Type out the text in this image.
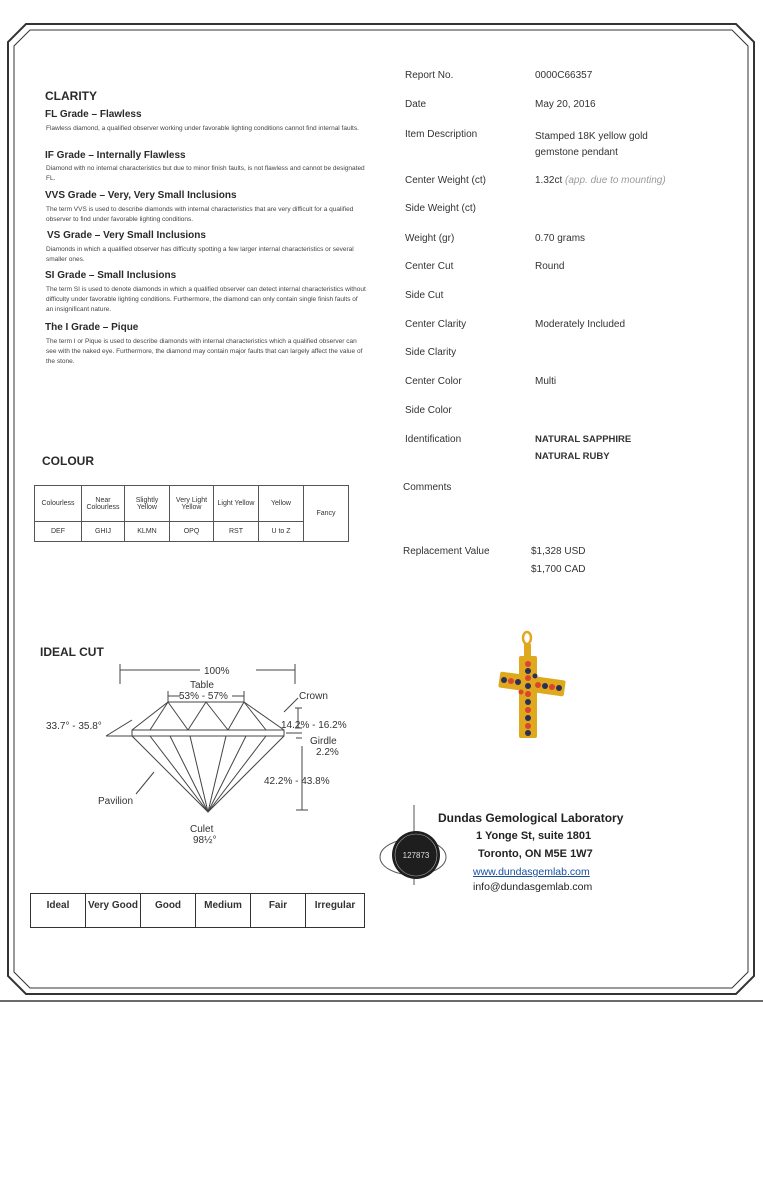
CLARITY
FL Grade – Flawless
Flawless diamond, a qualified observer working under favorable lighting conditions cannot find internal faults.
IF Grade – Internally Flawless
Diamond with no internal characteristics but due to minor finish faults, is not flawless and cannot be designated FL.
VVS Grade – Very, Very Small Inclusions
The term VVS is used to describe diamonds with internal characteristics that are very difficult for a qualified observer to find under favorable lighting conditions.
VS Grade – Very Small Inclusions
Diamonds in which a qualified observer has difficulty spotting a few larger internal characteristics or several smaller ones.
SI Grade – Small Inclusions
The term SI is used to denote diamonds in which a qualified observer can detect internal characteristics without difficulty under favorable lighting conditions. Furthermore, the diamond can only contain single finish faults of an insignificant nature.
The I Grade – Pique
The term I or Pique is used to describe diamonds with internal characteristics which a qualified observer can see with the naked eye. Furthermore, the diamond may contain major faults that can largely affect the value of the stone.
COLOUR
Colourless	Near Colourless	Slightly Yellow	Very Light Yellow	Light Yellow	Yellow	Fancy
DEF	GHIJ	KLMN	OPQ	RST	U to Z	
IDEAL CUT
100%
Table
53% - 57%	Crown
33.7° - 35.8°	14.2% - 16.2%
Girdle
2.2%
42.2% - 43.8%
Pavilion
Culet
98½°
Ideal	Very Good	Good	Medium	Fair	Irregular
Report No.	0000C66357
Date	May 20, 2016
Item Description	Stamped 18K yellow gold gemstone pendant
Center Weight (ct)	1.32ct (app. due to mounting)
Side Weight (ct)
Weight (gr)	0.70 grams
Center Cut	Round
Side Cut
Center Clarity	Moderately Included
Side Clarity
Center Color	Multi
Side Color
Identification	NATURAL SAPPHIRE
NATURAL RUBY
Comments
Replacement Value	$1,328 USD
$1,700 CAD
127873
Dundas Gemological Laboratory
1 Yonge St, suite 1801
Toronto, ON M5E 1W7
www.dundasgemlab.com
info@dundasgemlab.com
